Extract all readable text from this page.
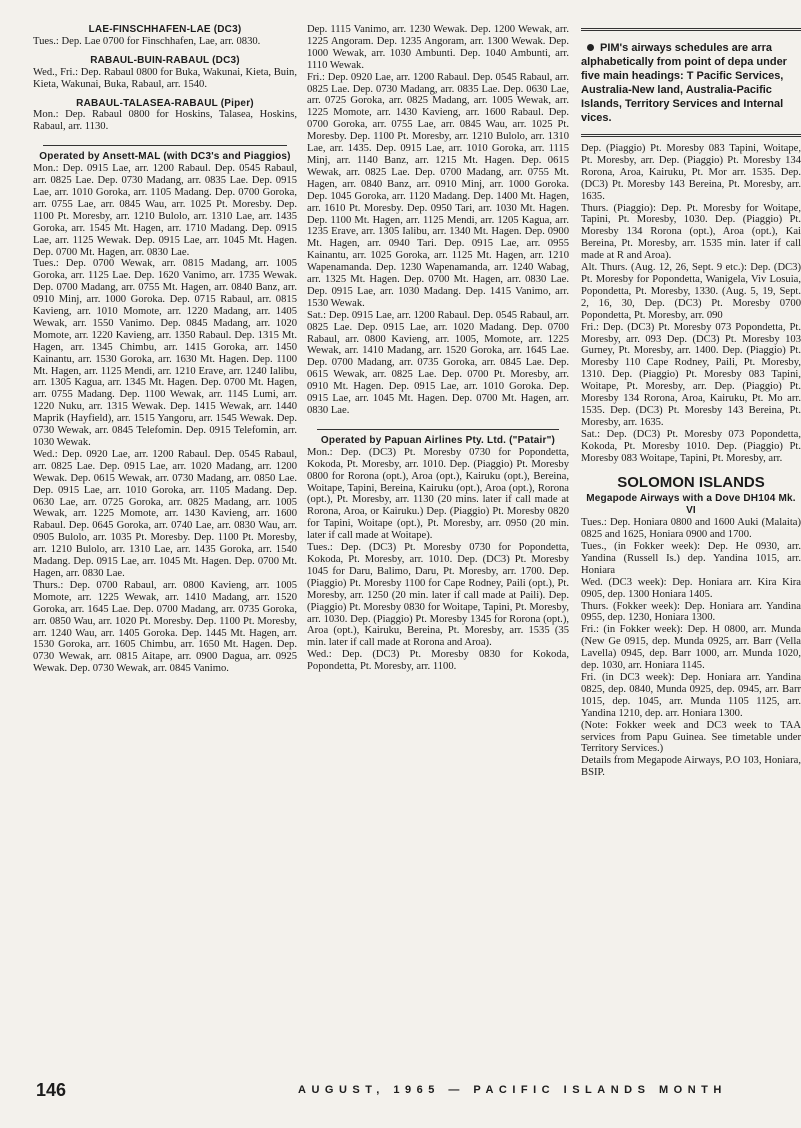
LAE-FINSCHHAFEN-LAE (DC3)

Tues.: Dep. Lae 0700 for Finschhafen, Lae, arr. 0830.

RABAUL-BUIN-RABAUL (DC3)

Wed., Fri.: Dep. Rabaul 0800 for Buka, Wakunai, Kieta, Buin, Kieta, Wakunai, Buka, Rabaul, arr. 1540.

RABAUL-TALASEA-RABAUL (Piper)

Mon.: Dep. Rabaul 0800 for Hoskins, Talasea, Hoskins, Rabaul, arr. 1130.

Operated by Ansett-MAL (with DC3's and Piaggios)

Mon.: Dep. 0915 Lae, arr. 1200 Rabaul. Dep. 0545 Rabaul, arr. 0825 Lae. Dep. 0730 Madang, arr. 0835 Lae. Dep. 0915 Lae, arr. 1010 Goroka, arr. 1105 Madang. Dep. 0700 Goroka, arr. 0755 Lae, arr. 0845 Wau, arr. 1025 Pt. Moresby. Dep. 1100 Pt. Moresby, arr. 1210 Bulolo, arr. 1310 Lae, arr. 1435 Goroka, arr. 1545 Mt. Hagen, arr. 1710 Madang. Dep. 0915 Lae, arr. 1125 Wewak. Dep. 0915 Lae, arr. 1045 Mt. Hagen. Dep. 0700 Mt. Hagen, arr. 0830 Lae.

Tues.: Dep. 0700 Wewak, arr. 0815 Madang, arr. 1005 Goroka, arr. 1125 Lae. Dep. 1620 Vanimo, arr. 1735 Wewak. Dep. 0700 Madang, arr. 0755 Mt. Hagen, arr. 0840 Banz, arr. 0910 Minj, arr. 1000 Goroka. Dep. 0715 Rabaul, arr. 0815 Kavieng, arr. 1010 Momote, arr. 1220 Madang, arr. 1405 Wewak, arr. 1550 Vanimo. Dep. 0845 Madang, arr. 1020 Momote, arr. 1220 Kavieng, arr. 1350 Rabaul. Dep. 1315 Mt. Hagen, arr. 1345 Chimbu, arr. 1415 Goroka, arr. 1450 Kainantu, arr. 1530 Goroka, arr. 1630 Mt. Hagen. Dep. 1100 Mt. Hagen, arr. 1125 Mendi, arr. 1210 Erave, arr. 1240 Ialibu, arr. 1305 Kagua, arr. 1345 Mt. Hagen. Dep. 0700 Mt. Hagen, arr. 0755 Madang. Dep. 1100 Wewak, arr. 1145 Lumi, arr. 1220 Nuku, arr. 1315 Wewak. Dep. 1415 Wewak, arr. 1440 Maprik (Hayfield), arr. 1515 Yangoru, arr. 1545 Wewak. Dep. 0730 Wewak, arr. 0845 Telefomin. Dep. 0915 Telefomin, arr. 1030 Wewak.

Wed.: Dep. 0920 Lae, arr. 1200 Rabaul. Dep. 0545 Rabaul, arr. 0825 Lae. Dep. 0915 Lae, arr. 1020 Madang, arr. 1200 Wewak. Dep. 0615 Wewak, arr. 0730 Madang, arr. 0850 Lae. Dep. 0915 Lae, arr. 1010 Goroka, arr. 1105 Madang. Dep. 0630 Lae, arr. 0725 Goroka, arr. 0825 Madang, arr. 1005 Wewak, arr. 1225 Momote, arr. 1430 Kavieng, arr. 1600 Rabaul. Dep. 0645 Goroka, arr. 0740 Lae, arr. 0830 Wau, arr. 0905 Bulolo, arr. 1035 Pt. Moresby. Dep. 1100 Pt. Moresby, arr. 1210 Bulolo, arr. 1310 Lae, arr. 1435 Goroka, arr. 1540 Madang. Dep. 0915 Lae, arr. 1045 Mt. Hagen. Dep. 0700 Mt. Hagen, arr. 0830 Lae.

Thurs.: Dep. 0700 Rabaul, arr. 0800 Kavieng, arr. 1005 Momote, arr. 1225 Wewak, arr. 1410 Madang, arr. 1520 Goroka, arr. 1645 Lae. Dep. 0700 Madang, arr. 0735 Goroka, arr. 0850 Wau, arr. 1020 Pt. Moresby. Dep. 1100 Pt. Moresby, arr. 1240 Wau, arr. 1405 Goroka. Dep. 1445 Mt. Hagen, arr. 1530 Goroka, arr. 1605 Chimbu, arr. 1650 Mt. Hagen. Dep. 0730 Wewak, arr. 0815 Aitape, arr. 0900 Dagua, arr. 0925 Wewak. Dep. 0730 Wewak, arr. 0845 Vanimo.

Dep. 1115 Vanimo, arr. 1230 Wewak. Dep. 1200 Wewak, arr. 1225 Angoram. Dep. 1235 Angoram, arr. 1300 Wewak. Dep. 1000 Wewak, arr. 1030 Ambunti. Dep. 1040 Ambunti, arr. 1110 Wewak.

Fri.: Dep. 0920 Lae, arr. 1200 Rabaul. Dep. 0545 Rabaul, arr. 0825 Lae. Dep. 0730 Madang, arr. 0835 Lae. Dep. 0630 Lae, arr. 0725 Goroka, arr. 0825 Madang, arr. 1005 Wewak, arr. 1225 Momote, arr. 1430 Kavieng, arr. 1600 Rabaul. Dep. 0700 Goroka, arr. 0755 Lae, arr. 0845 Wau, arr. 1025 Pt. Moresby. Dep. 1100 Pt. Moresby, arr. 1210 Bulolo, arr. 1310 Lae, arr. 1435. Dep. 0915 Lae, arr. 1010 Goroka, arr. 1115 Minj, arr. 1140 Banz, arr. 1215 Mt. Hagen. Dep. 0615 Wewak, arr. 0825 Lae. Dep. 0700 Madang, arr. 0755 Mt. Hagen, arr. 0840 Banz, arr. 0910 Minj, arr. 1000 Goroka. Dep. 1045 Goroka, arr. 1120 Madang. Dep. 1400 Mt. Hagen, arr. 1610 Pt. Moresby. Dep. 0950 Tari, arr. 1030 Mt. Hagen. Dep. 1100 Mt. Hagen, arr. 1125 Mendi, arr. 1205 Kagua, arr. 1235 Erave, arr. 1305 Ialibu, arr. 1340 Mt. Hagen. Dep. 0900 Mt. Hagen, arr. 0940 Tari. Dep. 0915 Lae, arr. 0955 Kainantu, arr. 1025 Goroka, arr. 1125 Mt. Hagen, arr. 1210 Wapenamanda. Dep. 1230 Wapenamanda, arr. 1240 Wabag, arr. 1325 Mt. Hagen. Dep. 0700 Mt. Hagen, arr. 0830 Lae. Dep. 0915 Lae, arr. 1030 Madang. Dep. 1415 Vanimo, arr. 1530 Wewak.

Sat.: Dep. 0915 Lae, arr. 1200 Rabaul. Dep. 0545 Rabaul, arr. 0825 Lae. Dep. 0915 Lae, arr. 1020 Madang. Dep. 0700 Rabaul, arr. 0800 Kavieng, arr. 1005, Momote, arr. 1225 Wewak, arr. 1410 Madang, arr. 1520 Goroka, arr. 1645 Lae. Dep. 0700 Madang, arr. 0735 Goroka, arr. 0845 Lae. Dep. 0615 Wewak, arr. 0825 Lae. Dep. 0700 Pt. Moresby, arr. 0910 Mt. Hagen. Dep. 0915 Lae, arr. 1010 Goroka. Dep. 0915 Lae, arr. 1045 Mt. Hagen. Dep. 0700 Mt. Hagen, arr. 0830 Lae.

Operated by Papuan Airlines Pty. Ltd. ("Patair")

Mon.: Dep. (DC3) Pt. Moresby 0730 for Popondetta, Kokoda, Pt. Moresby, arr. 1010. Dep. (Piaggio) Pt. Moresby 0800 for Rorona (opt.), Aroa (opt.), Kairuku (opt.), Bereina, Woitape, Tapini, Bereina, Kairuku (opt.), Aroa (opt.), Rorona (opt.), Pt. Moresby, arr. 1130 (20 mins. later if call made at Rorona, Aroa, or Kairuku.) Dep. (Piaggio) Pt. Moresby 0820 for Tapini, Woitape (opt.), Pt. Moresby, arr. 0950 (20 min. later if call made at Woitape).

Tues.: Dep. (DC3) Pt. Moresby 0730 for Popondetta, Kokoda, Pt. Moresby, arr. 1010. Dep. (DC3) Pt. Moresby 1045 for Daru, Balimo, Daru, Pt. Moresby, arr. 1700. Dep. (Piaggio) Pt. Moresby 1100 for Cape Rodney, Paili (opt.), Pt. Moresby, arr. 1250 (20 min. later if call made at Paili). Dep. (Piaggio) Pt. Moresby 0830 for Woitape, Tapini, Pt. Moresby, arr. 1030. Dep. (Piaggio) Pt. Moresby 1345 for Rorona (opt.), Aroa (opt.), Kairuku, Bereina, Pt. Moresby, arr. 1535 (35 min. later if call made at Rorona and Aroa).

Wed.: Dep. (DC3) Pt. Moresby 0830 for Kokoda, Popondetta, Pt. Moresby, arr. 1100.

PIM's airways schedules are arra alphabetically from point of depa under five main headings: T Pacific Services, Australia-New land, Australia-Pacific Islands, Territory Services and Internal vices.

Dep. (Piaggio) Pt. Moresby 083 Tapini, Woitape, Pt. Moresby, arr. Dep. (Piaggio) Pt. Moresby 134 Rorona, Aroa, Kairuku, Pt. Mor arr. 1535. Dep. (DC3) Pt. Moresby 143 Bereina, Pt. Moresby, arr. 1635.

Thurs. (Piaggio): Dep. Pt. Moresby for Woitape, Tapini, Pt. Moresby, 1030. Dep. (Piaggio) Pt. Moresby 134 Rorona (opt.), Aroa (opt.), Kai Bereina, Pt. Moresby, arr. 1535 min. later if call made at R and Aroa).

Alt. Thurs. (Aug. 12, 26, Sept. 9 etc.): Dep. (DC3) Pt. Moresby for Popondetta, Wanigela, Viv Losuia, Popondetta, Pt. Moresby, 1330. (Aug. 5, 19, Sept. 2, 16, 30, Dep. (DC3) Pt. Moresby 0700 Popondetta, Pt. Moresby, arr. 090

Fri.: Dep. (DC3) Pt. Moresby 073 Popondetta, Pt. Moresby, arr. 093 Dep. (DC3) Pt. Moresby 103 Gurney, Pt. Moresby, arr. 1400. Dep. (Piaggio) Pt. Moresby 110 Cape Rodney, Paili, Pt. Moresby, 1310. Dep. (Piaggio) Pt. Moresby 083 Tapini, Woitape, Pt. Moresby, arr. Dep. (Piaggio) Pt. Moresby 134 Rorona, Aroa, Kairuku, Pt. Mo arr. 1535. Dep. (DC3) Pt. Moresby 143 Bereina, Pt. Moresby, arr. 1635.

Sat.: Dep. (DC3) Pt. Moresby 073 Popondetta, Kokoda, Pt. Moresby 1010. Dep. (Piaggio) Pt. Moresby 083 Woitape, Tapini, Pt. Moresby, arr.

SOLOMON ISLANDS

Megapode Airways with a Dove DH104 Mk. VI

Tues.: Dep. Honiara 0800 and 1600 Auki (Malaita) 0825 and 1625, Honiara 0900 and 1700.

Tues., (in Fokker week): Dep. He 0930, arr. Yandina (Russell Is.) dep. Yandina 1015, arr. Honiara

Wed. (DC3 week): Dep. Honiara arr. Kira Kira 0905, dep. 1300 Honiara 1405.

Thurs. (Fokker week): Dep. Honiara arr. Yandina 0955, dep. 1230, Honiara 1300.

Fri.: (in Fokker week): Dep. H 0800, arr. Munda (New Ge 0915, dep. Munda 0925, arr. Barr (Vella Lavella) 0945, dep. Barr 1000, arr. Munda 1020, dep. 1030, arr. Honiara 1145.

Fri. (in DC3 week): Dep. Honiara arr. Yandina 0825, dep. 0840, Munda 0925, dep. 0945, arr. Barr 1015, dep. 1045, arr. Munda 1105 1125, arr. Yandina 1210, dep. arr. Honiara 1300.

(Note: Fokker week and DC3 week to TAA services from Papu Guinea. See timetable under Territory Services.)

Details from Megapode Airways, P.O 103, Honiara, BSIP.

146	AUGUST, 1965 — PACIFIC ISLANDS MONTH
